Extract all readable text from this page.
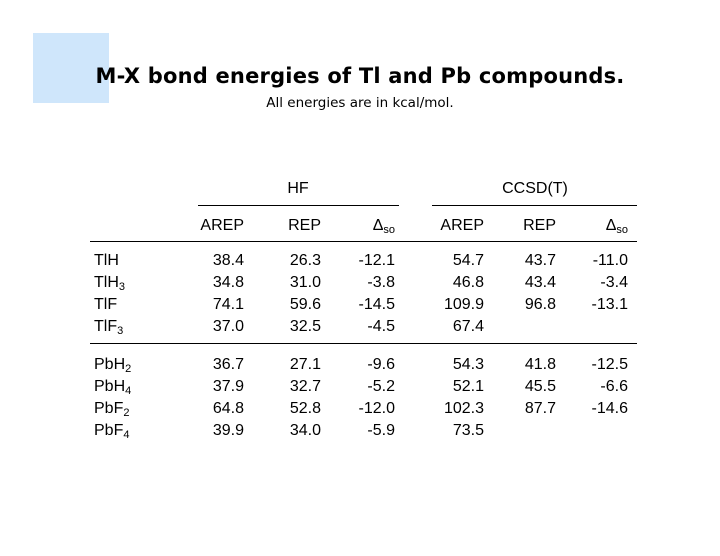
M-X bond energies of Tl and Pb compounds.
All energies are in kcal/mol.
HF	CCSD(T)
AREP	REP	$\Delta_{so}$	AREP	REP	$\Delta_{so}$
TlH	38.4	26.3	-12.1	54.7	43.7	-11.0
TlH$_3$	34.8	31.0	-3.8	46.8	43.4	-3.4
TlF	74.1	59.6	-14.5	109.9	96.8	-13.1
TlF$_3$	37.0	32.5	-4.5	67.4
PbH$_2$	36.7	27.1	-9.6	54.3	41.8	-12.5
PbH$_4$	37.9	32.7	-5.2	52.1	45.5	-6.6
PbF$_2$	64.8	52.8	-12.0	102.3	87.7	-14.6
PbF$_4$	39.9	34.0	-5.9	73.5
